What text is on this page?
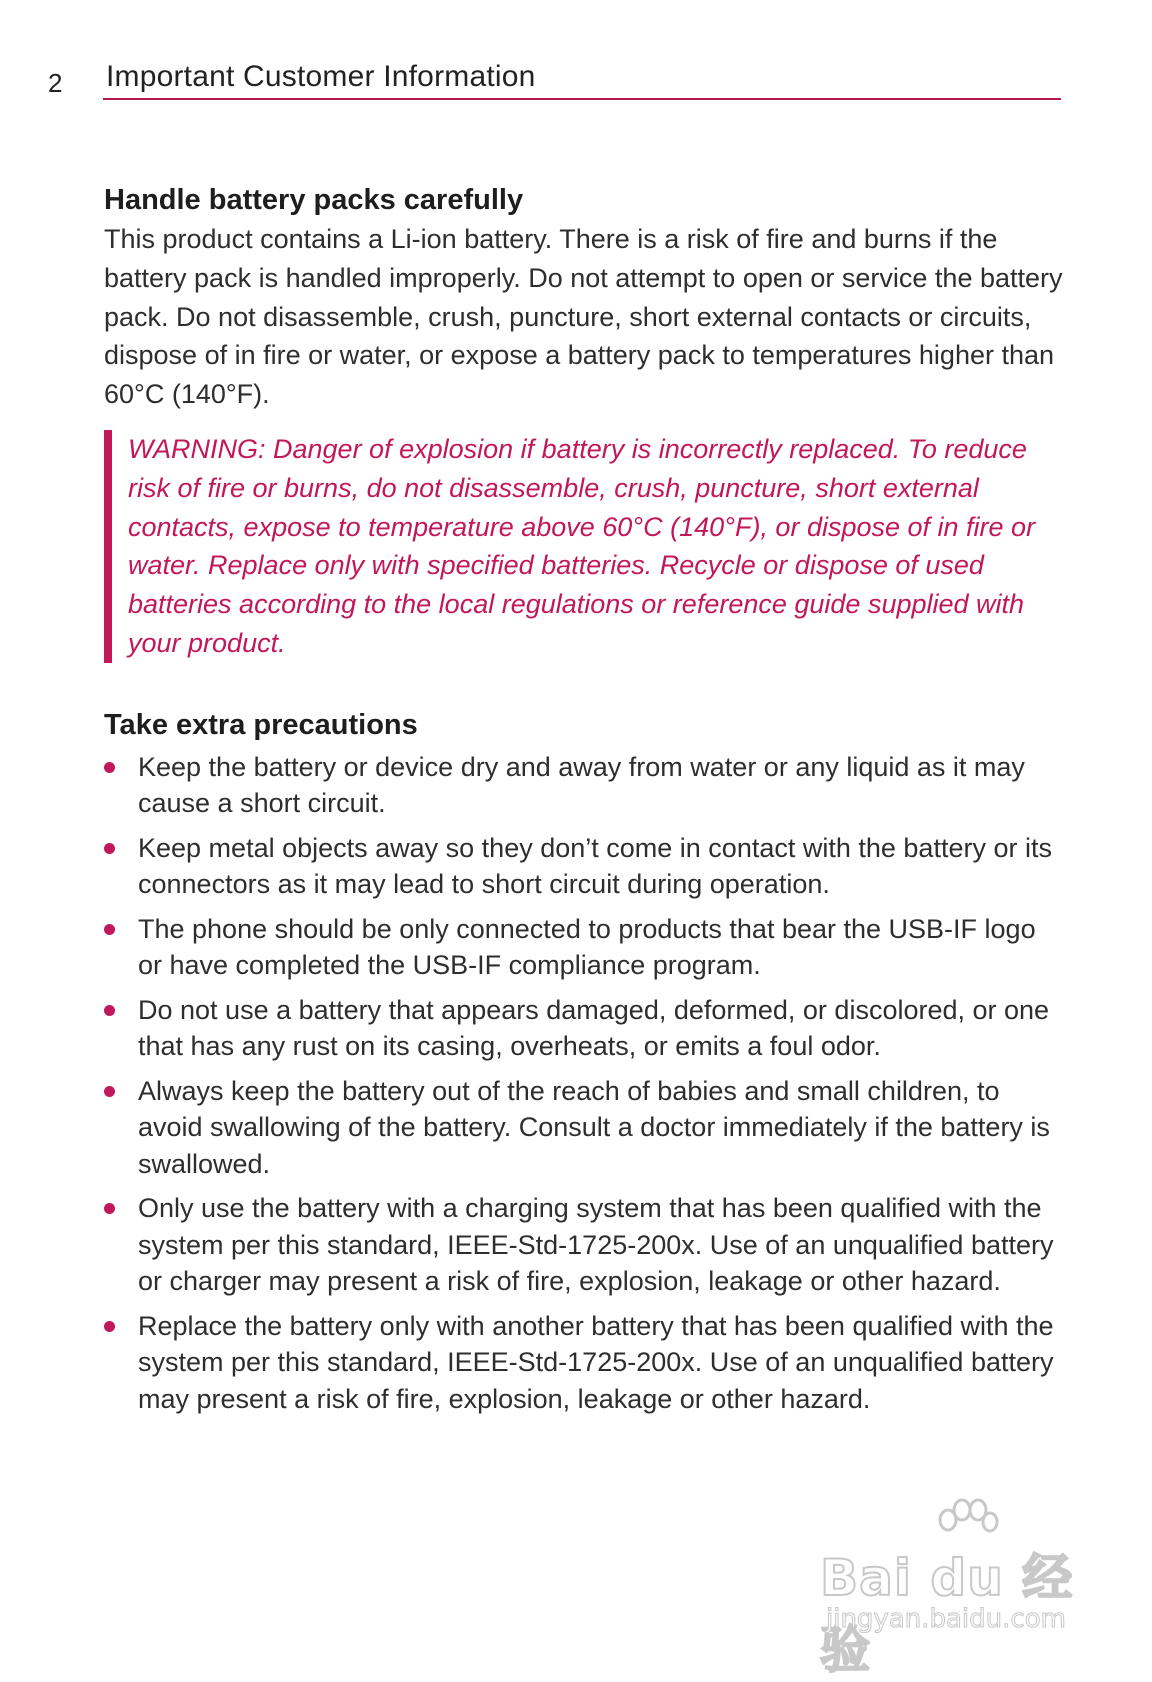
2 Important Customer Information
Handle battery packs carefully

This product contains a Li-ion battery. There is a risk of fire and burns if the battery pack is handled improperly. Do not attempt to open or service the battery pack. Do not disassemble, crush, puncture, short external contacts or circuits, dispose of in fire or water, or expose a battery pack to temperatures higher than 60°C (140°F).

WARNING: Danger of explosion if battery is incorrectly replaced. To reduce risk of fire or burns, do not disassemble, crush, puncture, short external contacts, expose to temperature above 60°C (140°F), or dispose of in fire or water. Replace only with specified batteries. Recycle or dispose of used batteries according to the local regulations or reference guide supplied with your product.

Take extra precautions
Keep the battery or device dry and away from water or any liquid as it may cause a short circuit.
Keep metal objects away so they don’t come in contact with the battery or its connectors as it may lead to short circuit during operation.
The phone should be only connected to products that bear the USB-IF logo or have completed the USB-IF compliance program.
Do not use a battery that appears damaged, deformed, or discolored, or one that has any rust on its casing, overheats, or emits a foul odor.
Always keep the battery out of the reach of babies and small children, to avoid swallowing of the battery. Consult a doctor immediately if the battery is swallowed.
Only use the battery with a charging system that has been qualified with the system per this standard, IEEE-Std-1725-200x. Use of an unqualified battery or charger may present a risk of fire, explosion, leakage or other hazard.
Replace the battery only with another battery that has been qualified with the system per this standard, IEEE-Std-1725-200x. Use of an unqualified battery may present a risk of fire, explosion, leakage or other hazard.
Bai du 经验
jingyan.baidu.com
